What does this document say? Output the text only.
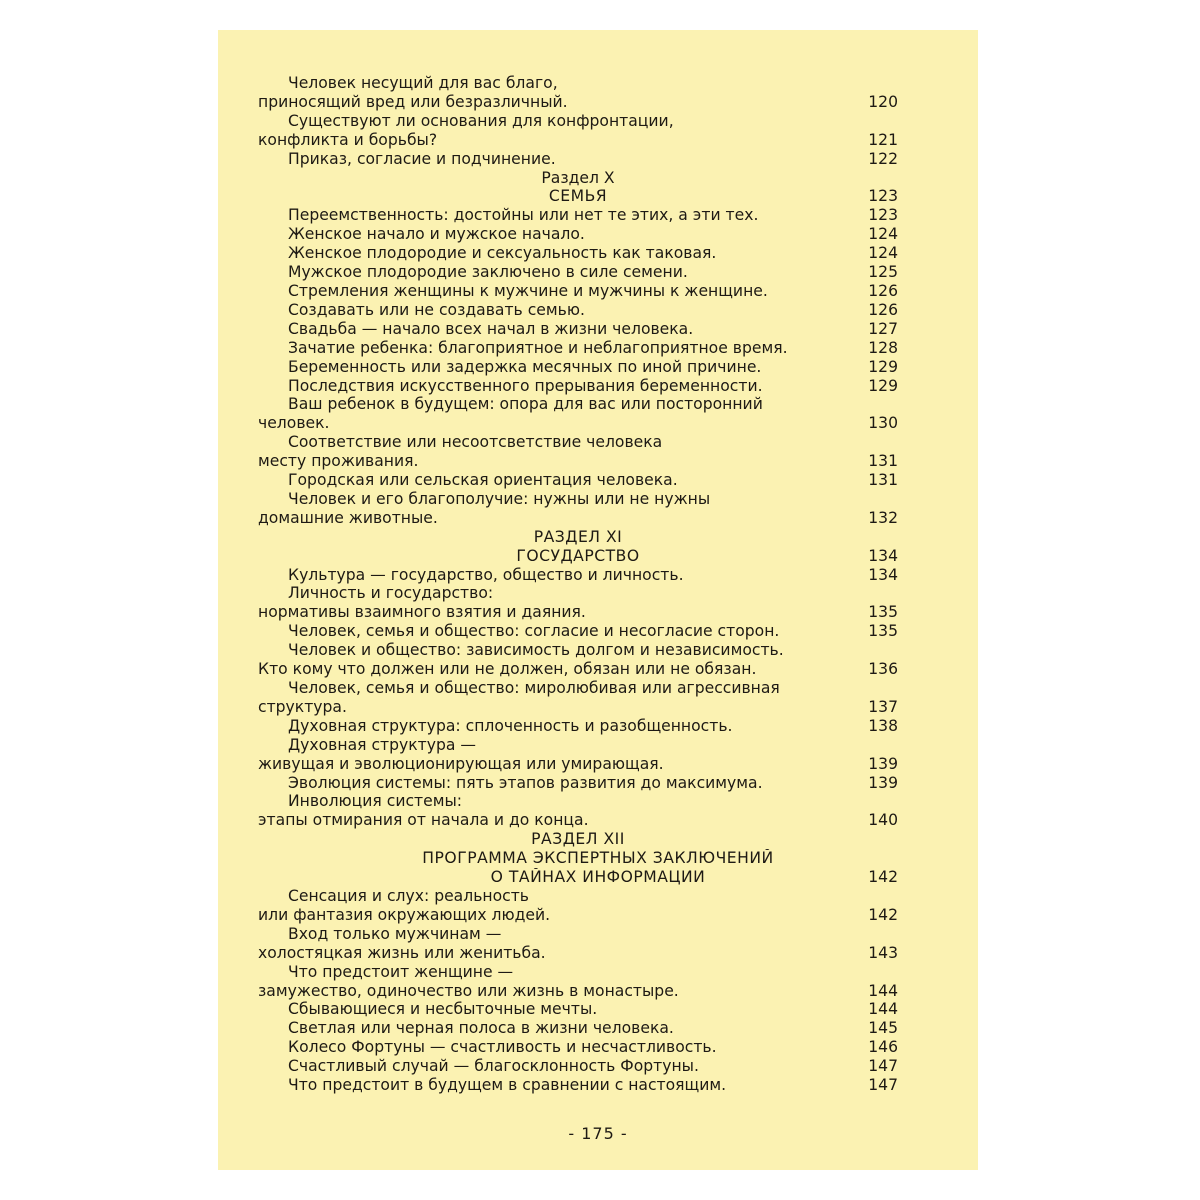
Человек несущий для вас благо,
приносящий вред или безразличный.	120
Существуют ли основания для конфронтации,
конфликта и борьбы?	121
Приказ, согласие и подчинение.	122
Раздел X
СЕМЬЯ	123
Переемственность: достойны или нет те этих, а эти тех.	123
Женское начало и мужское начало.	124
Женское плодородие и сексуальность как таковая.	124
Мужское плодородие заключено в силе семени.	125
Стремления женщины к мужчине и мужчины к женщине.	126
Создавать или не создавать семью.	126
Свадьба — начало всех начал в жизни человека.	127
Зачатие ребенка: благоприятное и неблагоприятное время.	128
Беременность или задержка месячных по иной причине.	129
Последствия искусственного прерывания беременности.	129
Ваш ребенок в будущем: опора для вас или посторонний
человек.	130
Соответствие или несоотсветствие человека
месту проживания.	131
Городская или сельская ориентация человека.	131
Человек и его благополучие: нужны или не нужны
домашние животные.	132
РАЗДЕЛ XI
ГОСУДАРСТВО	134
Культура — государство, общество и личность.	134
Личность и государство:
нормативы взаимного взятия и даяния.	135
Человек, семья и общество: согласие и несогласие сторон.	135
Человек и общество: зависимость долгом и независимость.
Кто кому что должен или не должен, обязан или не обязан.	136
Человек, семья и общество: миролюбивая или агрессивная
структура.	137
Духовная структура: сплоченность и разобщенность.	138
Духовная структура —
живущая и эволюционирующая или умирающая.	139
Эволюция системы: пять этапов развития до максимума.	139
Инволюция системы:
этапы отмирания от начала и до конца.	140
РАЗДЕЛ XII
ПРОГРАММА ЭКСПЕРТНЫХ ЗАКЛЮЧЕНИЙ
О ТАЙНАХ ИНФОРМАЦИИ	142
Сенсация и слух: реальность
или фантазия окружающих людей.	142
Вход только мужчинам —
холостяцкая жизнь или женитьба.	143
Что предстоит женщине —
замужество, одиночество или жизнь в монастыре.	144
Сбывающиеся и несбыточные мечты.	144
Светлая или черная полоса в жизни человека.	145
Колесо Фортуны — счастливость и несчастливость.	146
Счастливый случай — благосклонность Фортуны.	147
Что предстоит в будущем в сравнении с настоящим.	147
- 175 -
